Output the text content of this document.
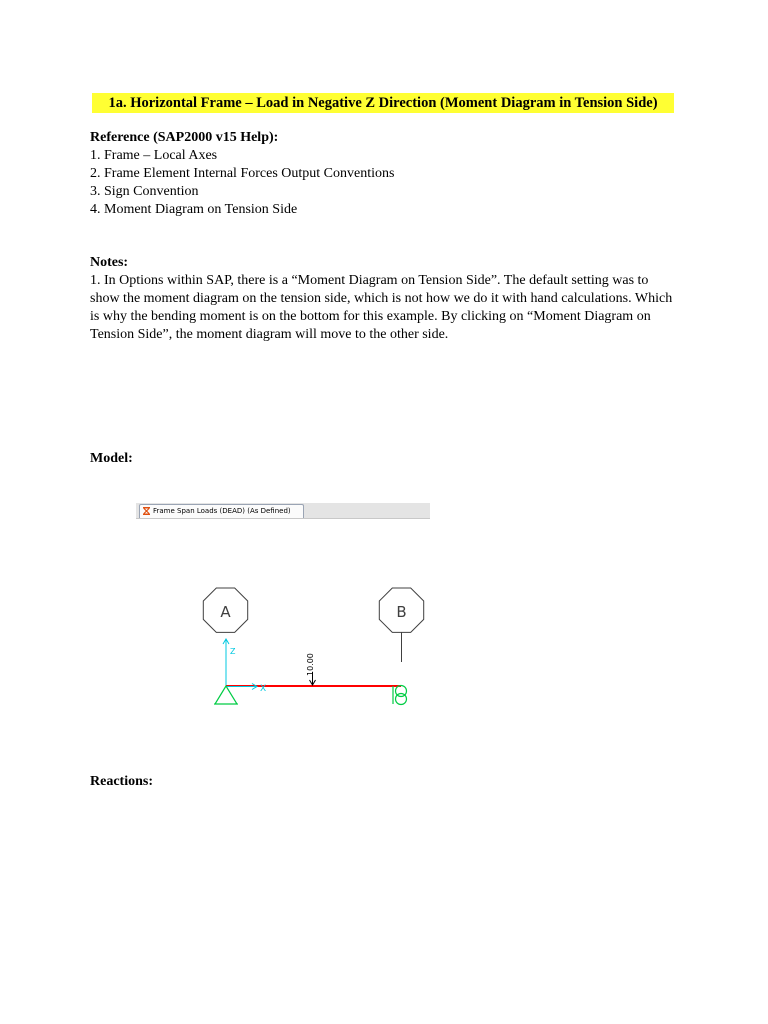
1a. Horizontal Frame – Load in Negative Z Direction (Moment Diagram in Tension Side)
Reference (SAP2000 v15 Help):
1. Frame – Local Axes
2. Frame Element Internal Forces Output Conventions
3. Sign Convention
4. Moment Diagram on Tension Side
Notes:

1. In Options within SAP, there is a “Moment Diagram on Tension Side”. The default setting was to show the moment diagram on the tension side, which is not how we do it with hand calculations. Which is why the bending moment is on the bottom for this example. By clicking on “Moment Diagram on Tension Side”, the moment diagram will move to the other side.

Model:
Frame Span Loads (DEAD) (As Defined)
A	B
Z
X
10.00
Reactions:
